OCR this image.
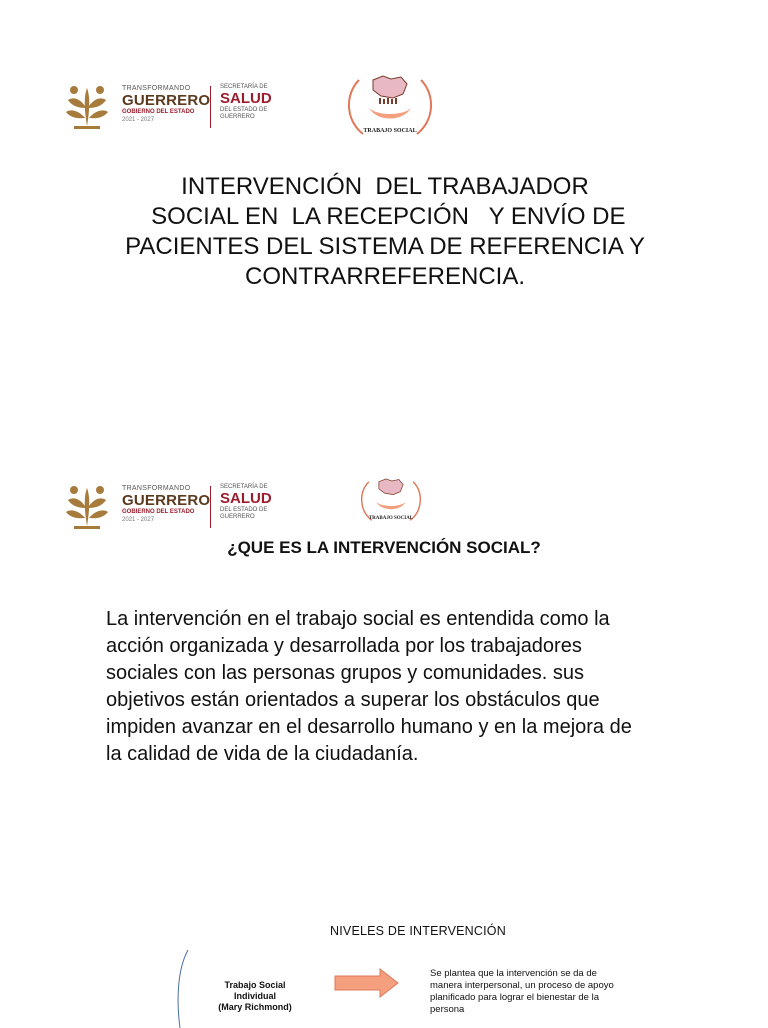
TRANSFORMANDO
GUERRERO
GOBIERNO DEL ESTADO
2021 - 2027
SECRETARÍA DE
SALUD
DEL ESTADO DE
GUERRERO
TRABAJO SOCIAL
INTERVENCIÓN  DEL TRABAJADOR
SOCIAL EN  LA RECEPCIÓN   Y ENVÍO DE
PACIENTES DEL SISTEMA DE REFERENCIA Y
CONTRARREFERENCIA.
TRANSFORMANDO
GUERRERO
GOBIERNO DEL ESTADO
2021 - 2027
SECRETARÍA DE
SALUD
DEL ESTADO DE
GUERRERO	TRABAJO SOCIAL
¿QUE ES LA INTERVENCIÓN SOCIAL?
La intervención en el trabajo social es entendida como la
acción organizada y desarrollada por los trabajadores
sociales con las personas grupos y comunidades. sus
objetivos están orientados a superar los obstáculos que
impiden avanzar en el desarrollo humano y en la mejora de
la calidad de vida de la ciudadanía.
NIVELES DE INTERVENCIÓN
Trabajo Social
Individual
(Mary Richmond)
Se plantea que la intervención se da de
manera interpersonal, un proceso de apoyo
planificado para lograr el bienestar de la
persona
